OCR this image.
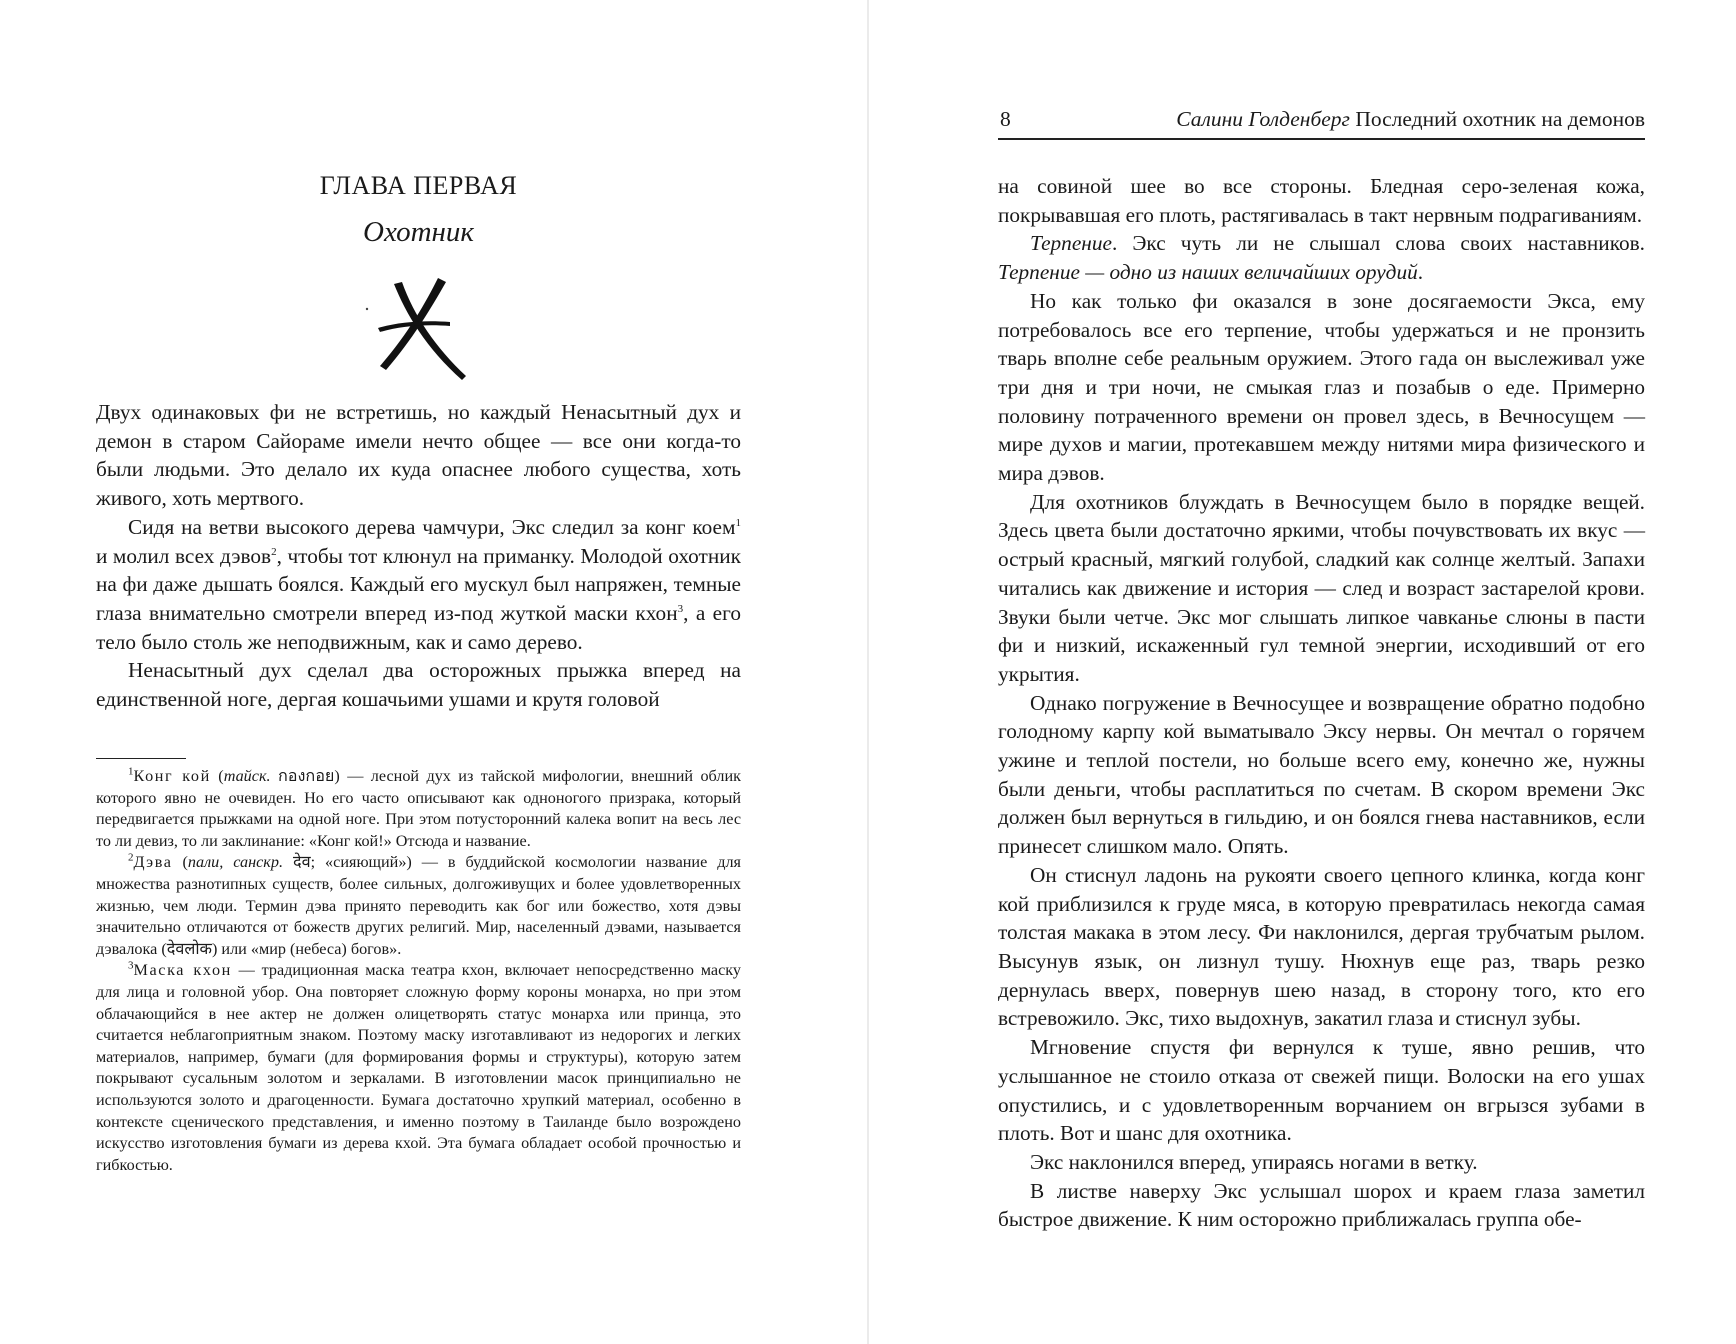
ГЛАВА ПЕРВАЯ
Охотник

Двух одинаковых фи не встретишь, но каждый Ненасытный дух и демон в старом Сайораме имели нечто общее — все они когда-то были людьми. Это делало их куда опаснее любого существа, хоть живого, хоть мертвого.

Сидя на ветви высокого дерева чамчури, Экс следил за конг коем$^1$ и молил всех дэвов$^2$, чтобы тот клюнул на приманку. Молодой охотник на фи даже дышать боялся. Каждый его мускул был напряжен, темные глаза внимательно смотрели вперед из-под жуткой маски кхон$^3$, а его тело было столь же неподвижным, как и само дерево.

Ненасытный дух сделал два осторожных прыжка вперед на единственной ноге, дергая кошачьими ушами и крутя головой

$^1$Конг кой (тайск. กองกอย) — лесной дух из тайской мифологии, внешний облик которого явно не очевиден. Но его часто описывают как одноногого призрака, который передвигается прыжками на одной ноге. При этом потусторонний калека вопит на весь лес то ли девиз, то ли заклинание: «Конг кой!» Отсюда и название.

$^2$Дэва (пали, санскр. देव; «сияющий») — в буддийской космологии название для множества разнотипных существ, более сильных, долгоживущих и более удовлетворенных жизнью, чем люди. Термин дэва принято переводить как бог или божество, хотя дэвы значительно отличаются от божеств других религий. Мир, населенный дэвами, называется дэвалока (देवलोक) или «мир (небеса) богов».

$^3$Маска кхон — традиционная маска театра кхон, включает непосредственно маску для лица и головной убор. Она повторяет сложную форму короны монарха, но при этом облачающийся в нее актер не должен олицетворять статус монарха или принца, это считается неблагоприятным знаком. Поэтому маску изготавливают из недорогих и легких материалов, например, бумаги (для формирования формы и структуры), которую затем покрывают сусальным золотом и зеркалами. В изготовлении масок принципиально не используются золото и драгоценности. Бумага достаточно хрупкий материал, особенно в контексте сценического представления, и именно поэтому в Таиланде было возрождено искусство изготовления бумаги из дерева кхой. Эта бумага обладает особой прочностью и гибкостью.

8	Салини Голденберг Последний охотник на демонов

на совиной шее во все стороны. Бледная серо-зеленая кожа, покрывавшая его плоть, растягивалась в такт нервным подрагиваниям.

Терпение. Экс чуть ли не слышал слова своих наставников. Терпение — одно из наших величайших орудий.

Но как только фи оказался в зоне досягаемости Экса, ему потребовалось все его терпение, чтобы удержаться и не пронзить тварь вполне себе реальным оружием. Этого гада он выслеживал уже три дня и три ночи, не смыкая глаз и позабыв о еде. Примерно половину потраченного времени он провел здесь, в Вечносущем — мире духов и магии, протекавшем между нитями мира физического и мира дэвов.

Для охотников блуждать в Вечносущем было в порядке вещей. Здесь цвета были достаточно яркими, чтобы почувствовать их вкус — острый красный, мягкий голубой, сладкий как солнце желтый. Запахи читались как движение и история — след и возраст застарелой крови. Звуки были четче. Экс мог слышать липкое чавканье слюны в пасти фи и низкий, искаженный гул темной энергии, исходивший от его укрытия.

Однако погружение в Вечносущее и возвращение обратно подобно голодному карпу кой выматывало Эксу нервы. Он мечтал о горячем ужине и теплой постели, но больше всего ему, конечно же, нужны были деньги, чтобы расплатиться по счетам. В скором времени Экс должен был вернуться в гильдию, и он боялся гнева наставников, если принесет слишком мало. Опять.

Он стиснул ладонь на рукояти своего цепного клинка, когда конг кой приблизился к груде мяса, в которую превратилась некогда самая толстая макака в этом лесу. Фи наклонился, дергая трубчатым рылом. Высунув язык, он лизнул тушу. Нюхнув еще раз, тварь резко дернулась вверх, повернув шею назад, в сторону того, кто его встревожило. Экс, тихо выдохнув, закатил глаза и стиснул зубы.

Мгновение спустя фи вернулся к туше, явно решив, что услышанное не стоило отказа от свежей пищи. Волоски на его ушах опустились, и с удовлетворенным ворчанием он вгрызся зубами в плоть. Вот и шанс для охотника.

Экс наклонился вперед, упираясь ногами в ветку.

В листве наверху Экс услышал шорох и краем глаза заметил быстрое движение. К ним осторожно приближалась группа обе-
